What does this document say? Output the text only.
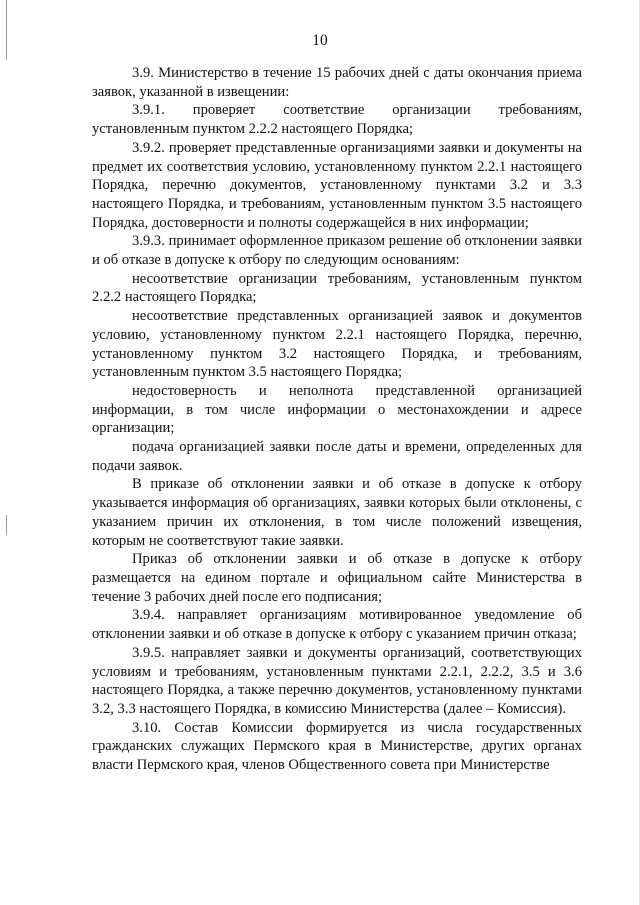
10

3.9. Министерство в течение 15 рабочих дней с даты окончания приема заявок, указанной в извещении:

3.9.1. проверяет соответствие организации требованиям, установленным пунктом 2.2.2 настоящего Порядка;

3.9.2. проверяет представленные организациями заявки и документы на предмет их соответствия условию, установленному пунктом 2.2.1 настоящего Порядка, перечню документов, установленному пунктами 3.2 и 3.3 настоящего Порядка, и требованиям, установленным пунктом 3.5 настоящего Порядка, достоверности и полноты содержащейся в них информации;

3.9.3. принимает оформленное приказом решение об отклонении заявки и об отказе в допуске к отбору по следующим основаниям:

несоответствие организации требованиям, установленным пунктом 2.2.2 настоящего Порядка;

несоответствие представленных организацией заявок и документов условию, установленному пунктом 2.2.1 настоящего Порядка, перечню, установленному пунктом 3.2 настоящего Порядка, и требованиям, установленным пунктом 3.5 настоящего Порядка;

недостоверность и неполнота представленной организацией информации, в том числе информации о местонахождении и адресе организации;

подача организацией заявки после даты и времени, определенных для подачи заявок.

В приказе об отклонении заявки и об отказе в допуске к отбору указывается информация об организациях, заявки которых были отклонены, с указанием причин их отклонения, в том числе положений извещения, которым не соответствуют такие заявки.

Приказ об отклонении заявки и об отказе в допуске к отбору размещается на едином портале и официальном сайте Министерства в течение 3 рабочих дней после его подписания;

3.9.4. направляет организациям мотивированное уведомление об отклонении заявки и об отказе в допуске к отбору с указанием причин отказа;

3.9.5. направляет заявки и документы организаций, соответствующих условиям и требованиям, установленным пунктами 2.2.1, 2.2.2, 3.5 и 3.6 настоящего Порядка, а также перечню документов, установленному пунктами 3.2, 3.3 настоящего Порядка, в комиссию Министерства (далее – Комиссия).

3.10. Состав Комиссии формируется из числа государственных гражданских служащих Пермского края в Министерстве, других органах власти Пермского края, членов Общественного совета при Министерстве
